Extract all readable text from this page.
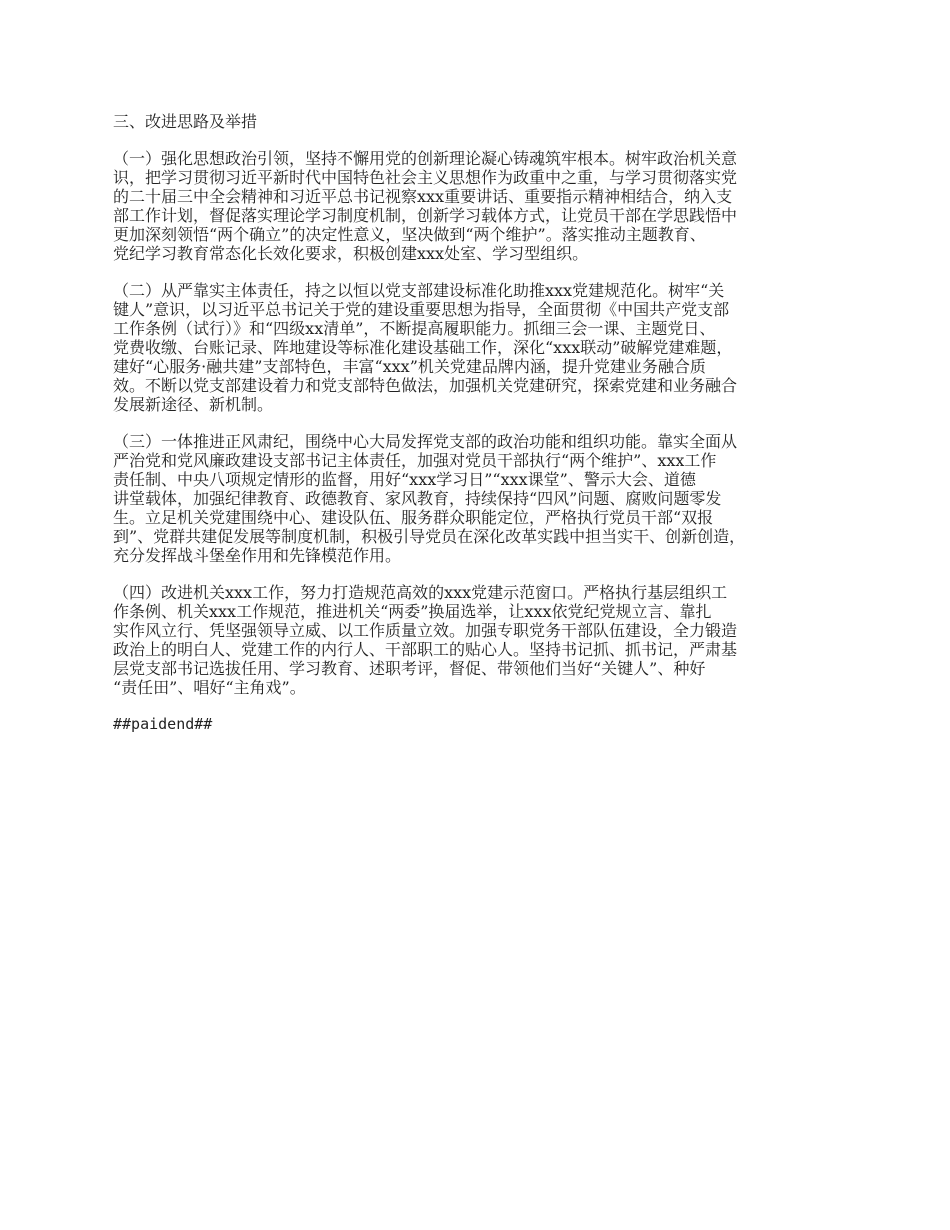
三、改进思路及举措
（一）强化思想政治引领，坚持不懈用党的创新理论凝心铸魂筑牢根本。树牢政治机关意
识，把学习贯彻习近平新时代中国特色社会主义思想作为政重中之重，与学习贯彻落实党
的二十届三中全会精神和习近平总书记视察xxx重要讲话、重要指示精神相结合，纳入支
部工作计划，督促落实理论学习制度机制，创新学习载体方式，让党员干部在学思践悟中
更加深刻领悟“两个确立”的决定性意义，坚决做到“两个维护”。落实推动主题教育、
党纪学习教育常态化长效化要求，积极创建xxx处室、学习型组织。
（二）从严靠实主体责任，持之以恒以党支部建设标准化助推xxx党建规范化。树牢“关
键人”意识，以习近平总书记关于党的建设重要思想为指导，全面贯彻《中国共产党支部
工作条例（试行）》和“四级xx清单”，不断提高履职能力。抓细三会一课、主题党日、
党费收缴、台账记录、阵地建设等标准化建设基础工作，深化“xxx联动”破解党建难题，
建好“心服务·融共建”支部特色，丰富“xxx”机关党建品牌内涵，提升党建业务融合质
效。不断以党支部建设着力和党支部特色做法，加强机关党建研究，探索党建和业务融合
发展新途径、新机制。
（三）一体推进正风肃纪，围绕中心大局发挥党支部的政治功能和组织功能。靠实全面从
严治党和党风廉政建设支部书记主体责任，加强对党员干部执行“两个维护”、xxx工作
责任制、中央八项规定情形的监督，用好“xxx学习日”“xxx课堂”、警示大会、道德
讲堂载体，加强纪律教育、政德教育、家风教育，持续保持“四风”问题、腐败问题零发
生。立足机关党建围绕中心、建设队伍、服务群众职能定位，严格执行党员干部“双报
到”、党群共建促发展等制度机制，积极引导党员在深化改革实践中担当实干、创新创造，
充分发挥战斗堡垒作用和先锋模范作用。
（四）改进机关xxx工作，努力打造规范高效的xxx党建示范窗口。严格执行基层组织工
作条例、机关xxx工作规范，推进机关“两委”换届选举，让xxx依党纪党规立言、靠扎
实作风立行、凭坚强领导立威、以工作质量立效。加强专职党务干部队伍建设，全力锻造
政治上的明白人、党建工作的内行人、干部职工的贴心人。坚持书记抓、抓书记，严肃基
层党支部书记选拔任用、学习教育、述职考评，督促、带领他们当好“关键人”、种好
“责任田”、唱好“主角戏”。
##paidend##
